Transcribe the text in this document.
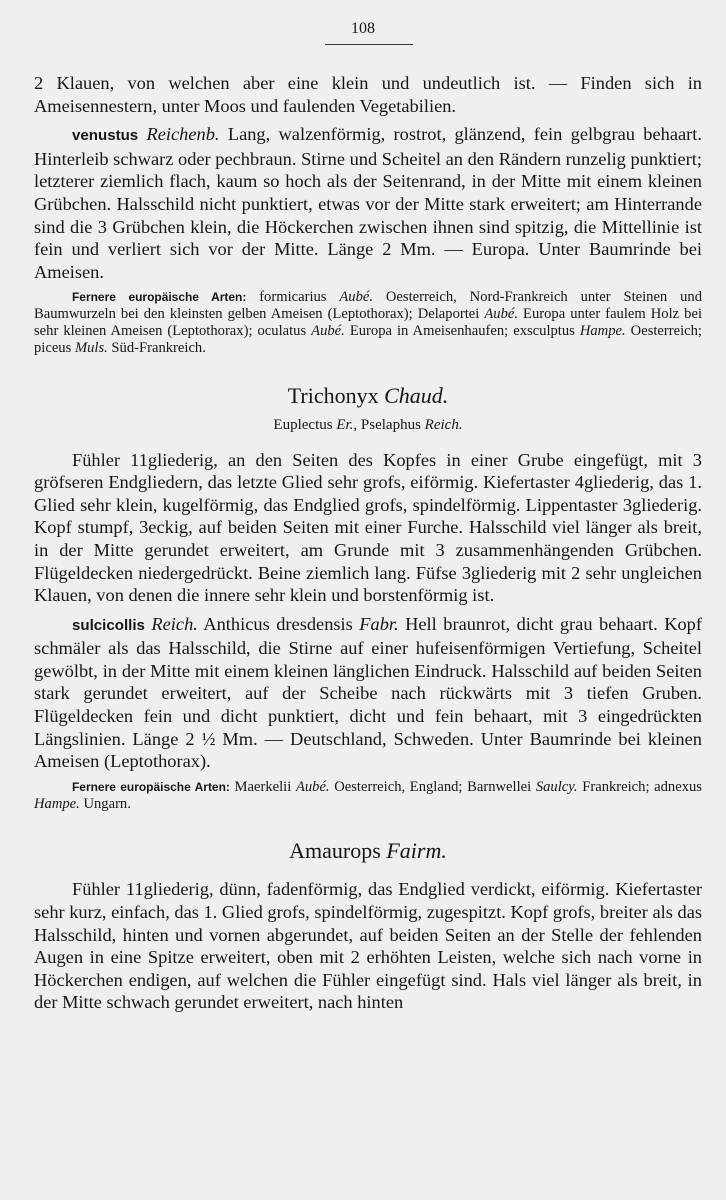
108

2 Klauen, von welchen aber eine klein und undeutlich ist. — Finden sich in Ameisennestern, unter Moos und faulenden Vegetabilien.

venustus Reichenb. Lang, walzenförmig, rostrot, glänzend, fein gelbgrau behaart. Hinterleib schwarz oder pechbraun. Stirne und Scheitel an den Rändern runzelig punktiert; letzterer ziemlich flach, kaum so hoch als der Seitenrand, in der Mitte mit einem kleinen Grübchen. Halsschild nicht punktiert, etwas vor der Mitte stark erweitert; am Hinterrande sind die 3 Grübchen klein, die Höckerchen zwischen ihnen sind spitzig, die Mittellinie ist fein und verliert sich vor der Mitte. Länge 2 Mm. — Europa. Unter Baumrinde bei Ameisen.

Fernere europäische Arten: formicarius Aubé. Oesterreich, Nord-Frankreich unter Steinen und Baumwurzeln bei den kleinsten gelben Ameisen (Leptothorax); Delaportei Aubé. Europa unter faulem Holz bei sehr kleinen Ameisen (Leptothorax); oculatus Aubé. Europa in Ameisenhaufen; exsculptus Hampe. Oesterreich; piceus Muls. Süd-Frankreich.

Trichonyx Chaud.

Euplectus Er., Pselaphus Reich.

Fühler 11gliederig, an den Seiten des Kopfes in einer Grube eingefügt, mit 3 gröfseren Endgliedern, das letzte Glied sehr grofs, eiförmig. Kiefertaster 4gliederig, das 1. Glied sehr klein, kugelförmig, das Endglied grofs, spindelförmig. Lippentaster 3gliederig. Kopf stumpf, 3eckig, auf beiden Seiten mit einer Furche. Halsschild viel länger als breit, in der Mitte gerundet erweitert, am Grunde mit 3 zusammenhängenden Grübchen. Flügeldecken niedergedrückt. Beine ziemlich lang. Füfse 3gliederig mit 2 sehr ungleichen Klauen, von denen die innere sehr klein und borstenförmig ist.

sulcicollis Reich. Anthicus dresdensis Fabr. Hell braunrot, dicht grau behaart. Kopf schmäler als das Halsschild, die Stirne auf einer hufeisenförmigen Vertiefung, Scheitel gewölbt, in der Mitte mit einem kleinen länglichen Eindruck. Halsschild auf beiden Seiten stark gerundet erweitert, auf der Scheibe nach rückwärts mit 3 tiefen Gruben. Flügeldecken fein und dicht punktiert, dicht und fein behaart, mit 3 eingedrückten Längslinien. Länge 2 ½ Mm. — Deutschland, Schweden. Unter Baumrinde bei kleinen Ameisen (Leptothorax).

Fernere europäische Arten: Maerkelii Aubé. Oesterreich, England; Barnwellei Saulcy. Frankreich; adnexus Hampe. Ungarn.

Amaurops Fairm.

Fühler 11gliederig, dünn, fadenförmig, das Endglied verdickt, eiförmig. Kiefertaster sehr kurz, einfach, das 1. Glied grofs, spindelförmig, zugespitzt. Kopf grofs, breiter als das Halsschild, hinten und vornen abgerundet, auf beiden Seiten an der Stelle der fehlenden Augen in eine Spitze erweitert, oben mit 2 erhöhten Leisten, welche sich nach vorne in Höckerchen endigen, auf welchen die Fühler eingefügt sind. Hals viel länger als breit, in der Mitte schwach gerundet erweitert, nach hinten
